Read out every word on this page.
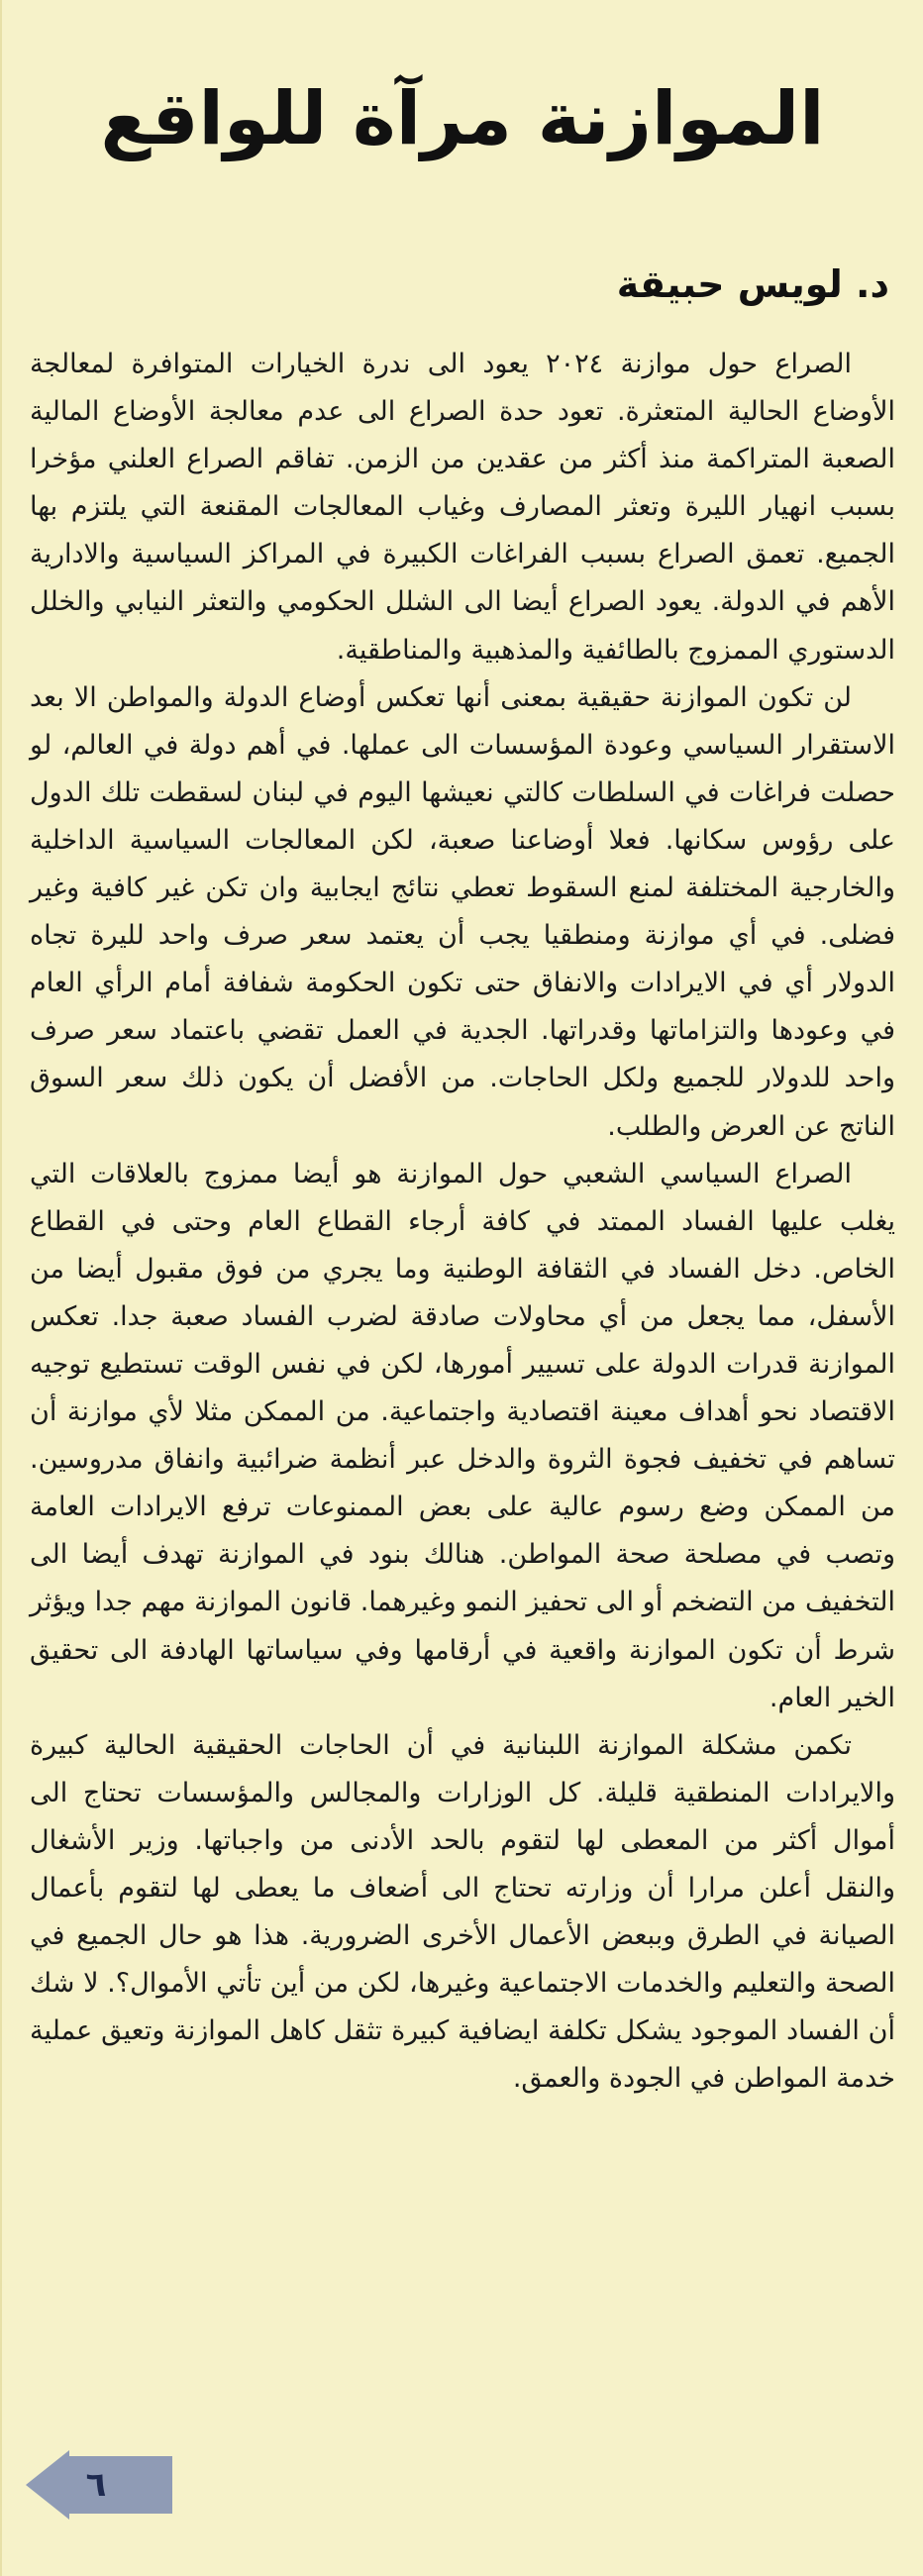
الموازنة مرآة للواقع
د. لويس حبيقة

الصراع حول موازنة ٢٠٢٤ يعود الى ندرة الخيارات المتوافرة لمعالجة الأوضاع الحالية المتعثرة. تعود حدة الصراع الى عدم معالجة الأوضاع المالية الصعبة المتراكمة منذ أكثر من عقدين من الزمن. تفاقم الصراع العلني مؤخرا بسبب انهيار الليرة وتعثر المصارف وغياب المعالجات المقنعة التي يلتزم بها الجميع. تعمق الصراع بسبب الفراغات الكبيرة في المراكز السياسية والادارية الأهم في الدولة. يعود الصراع أيضا الى الشلل الحكومي والتعثر النيابي والخلل الدستوري الممزوج بالطائفية والمذهبية والمناطقية.

لن تكون الموازنة حقيقية بمعنى أنها تعكس أوضاع الدولة والمواطن الا بعد الاستقرار السياسي وعودة المؤسسات الى عملها. في أهم دولة في العالم، لو حصلت فراغات في السلطات كالتي نعيشها اليوم في لبنان لسقطت تلك الدول على رؤوس سكانها. فعلا أوضاعنا صعبة، لكن المعالجات السياسية الداخلية والخارجية المختلفة لمنع السقوط تعطي نتائج ايجابية وان تكن غير كافية وغير فضلى. في أي موازنة ومنطقيا يجب أن يعتمد سعر صرف واحد لليرة تجاه الدولار أي في الايرادات والانفاق حتى تكون الحكومة شفافة أمام الرأي العام في وعودها والتزاماتها وقدراتها. الجدية في العمل تقضي باعتماد سعر صرف واحد للدولار للجميع ولكل الحاجات. من الأفضل أن يكون ذلك سعر السوق الناتج عن العرض والطلب.

الصراع السياسي الشعبي حول الموازنة هو أيضا ممزوج بالعلاقات التي يغلب عليها الفساد الممتد في كافة أرجاء القطاع العام وحتى في القطاع الخاص. دخل الفساد في الثقافة الوطنية وما يجري من فوق مقبول أيضا من الأسفل، مما يجعل من أي محاولات صادقة لضرب الفساد صعبة جدا. تعكس الموازنة قدرات الدولة على تسيير أمورها، لكن في نفس الوقت تستطيع توجيه الاقتصاد نحو أهداف معينة اقتصادية واجتماعية. من الممكن مثلا لأي موازنة أن تساهم في تخفيف فجوة الثروة والدخل عبر أنظمة ضرائبية وانفاق مدروسين. من الممكن وضع رسوم عالية على بعض الممنوعات ترفع الايرادات العامة وتصب في مصلحة صحة المواطن. هنالك بنود في الموازنة تهدف أيضا الى التخفيف من التضخم أو الى تحفيز النمو وغيرهما. قانون الموازنة مهم جدا ويؤثر شرط أن تكون الموازنة واقعية في أرقامها وفي سياساتها الهادفة الى تحقيق الخير العام.

تكمن مشكلة الموازنة اللبنانية في أن الحاجات الحقيقية الحالية كبيرة والايرادات المنطقية قليلة. كل الوزارات والمجالس والمؤسسات تحتاج الى أموال أكثر من المعطى لها لتقوم بالحد الأدنى من واجباتها. وزير الأشغال والنقل أعلن مرارا أن وزارته تحتاج الى أضعاف ما يعطى لها لتقوم بأعمال الصيانة في الطرق وببعض الأعمال الأخرى الضرورية. هذا هو حال الجميع في الصحة والتعليم والخدمات الاجتماعية وغيرها، لكن من أين تأتي الأموال؟. لا شك أن الفساد الموجود يشكل تكلفة ايضافية كبيرة تثقل كاهل الموازنة وتعيق عملية خدمة المواطن في الجودة والعمق.

٦
